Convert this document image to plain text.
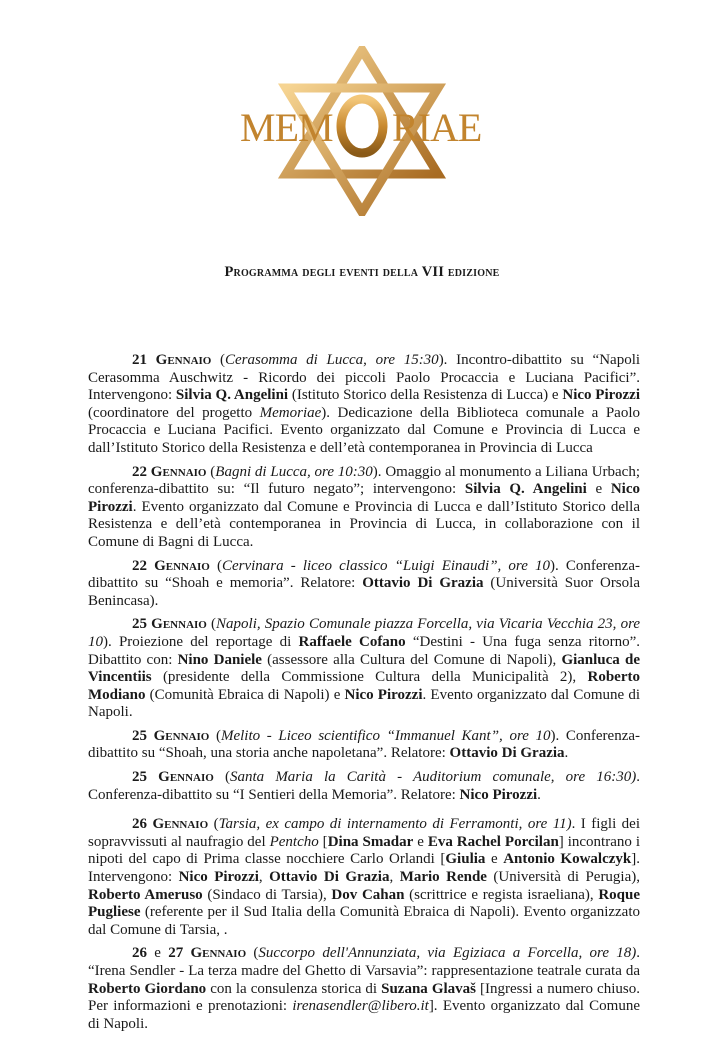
MEM RIAE
Programma degli eventi della VII edizione

21 Gennaio (Cerasomma di Lucca, ore 15:30). Incontro-dibattito su “Napoli Cerasomma Auschwitz - Ricordo dei piccoli Paolo Procaccia e Luciana Pacifici”. Intervengono: Silvia Q. Angelini (Istituto Storico della Resistenza di Lucca) e Nico Pirozzi (coordinatore del progetto Memoriae). Dedicazione della Biblioteca comunale a Paolo Procaccia e Luciana Pacifici. Evento organizzato dal Comune e Provincia di Lucca e dall’Istituto Storico della Resistenza e dell’età contemporanea in Provincia di Lucca

22 Gennaio (Bagni di Lucca, ore 10:30). Omaggio al monumento a Liliana Urbach; conferenza-dibattito su: “Il futuro negato”; intervengono: Silvia Q. Angelini e Nico Pirozzi. Evento organizzato dal Comune e Provincia di Lucca e dall’Istituto Storico della Resistenza e dell’età contemporanea in Provincia di Lucca, in collaborazione con il Comune di Bagni di Lucca.

22 Gennaio (Cervinara - liceo classico “Luigi Einaudi”, ore 10). Conferenza-dibattito su “Shoah e memoria”. Relatore: Ottavio Di Grazia (Università Suor Orsola Benincasa).

25 Gennaio (Napoli, Spazio Comunale piazza Forcella, via Vicaria Vecchia 23, ore 10). Proiezione del reportage di Raffaele Cofano “Destini - Una fuga senza ritorno”. Dibattito con: Nino Daniele (assessore alla Cultura del Comune di Napoli), Gianluca de Vincentiis (presidente della Commissione Cultura della Municipalità 2), Roberto Modiano (Comunità Ebraica di Napoli) e Nico Pirozzi. Evento organizzato dal Comune di Napoli.

25 Gennaio (Melito - Liceo scientifico “Immanuel Kant”, ore 10). Conferenza-dibattito su “Shoah, una storia anche napoletana”. Relatore: Ottavio Di Grazia.

25 Gennaio (Santa Maria la Carità - Auditorium comunale, ore 16:30). Conferenza-dibattito su “I Sentieri della Memoria”. Relatore: Nico Pirozzi.

26 Gennaio (Tarsia, ex campo di internamento di Ferramonti, ore 11). I figli dei sopravvissuti al naufragio del Pentcho [Dina Smadar e Eva Rachel Porcilan] incontrano i nipoti del capo di Prima classe nocchiere Carlo Orlandi [Giulia e Antonio Kowalczyk]. Intervengono: Nico Pirozzi, Ottavio Di Grazia, Mario Rende (Università di Perugia), Roberto Ameruso (Sindaco di Tarsia), Dov Cahan (scrittrice e regista israeliana), Roque Pugliese (referente per il Sud Italia della Comunità Ebraica di Napoli). Evento organizzato dal Comune di Tarsia, .

26 e 27 Gennaio (Succorpo dell'Annunziata, via Egiziaca a Forcella, ore 18). “Irena Sendler - La terza madre del Ghetto di Varsavia”: rappresentazione teatrale curata da Roberto Giordano con la consulenza storica di Suzana Glavaš [Ingressi a numero chiuso. Per informazioni e prenotazioni: irenasendler@libero.it]. Evento organizzato dal Comune di Napoli.
